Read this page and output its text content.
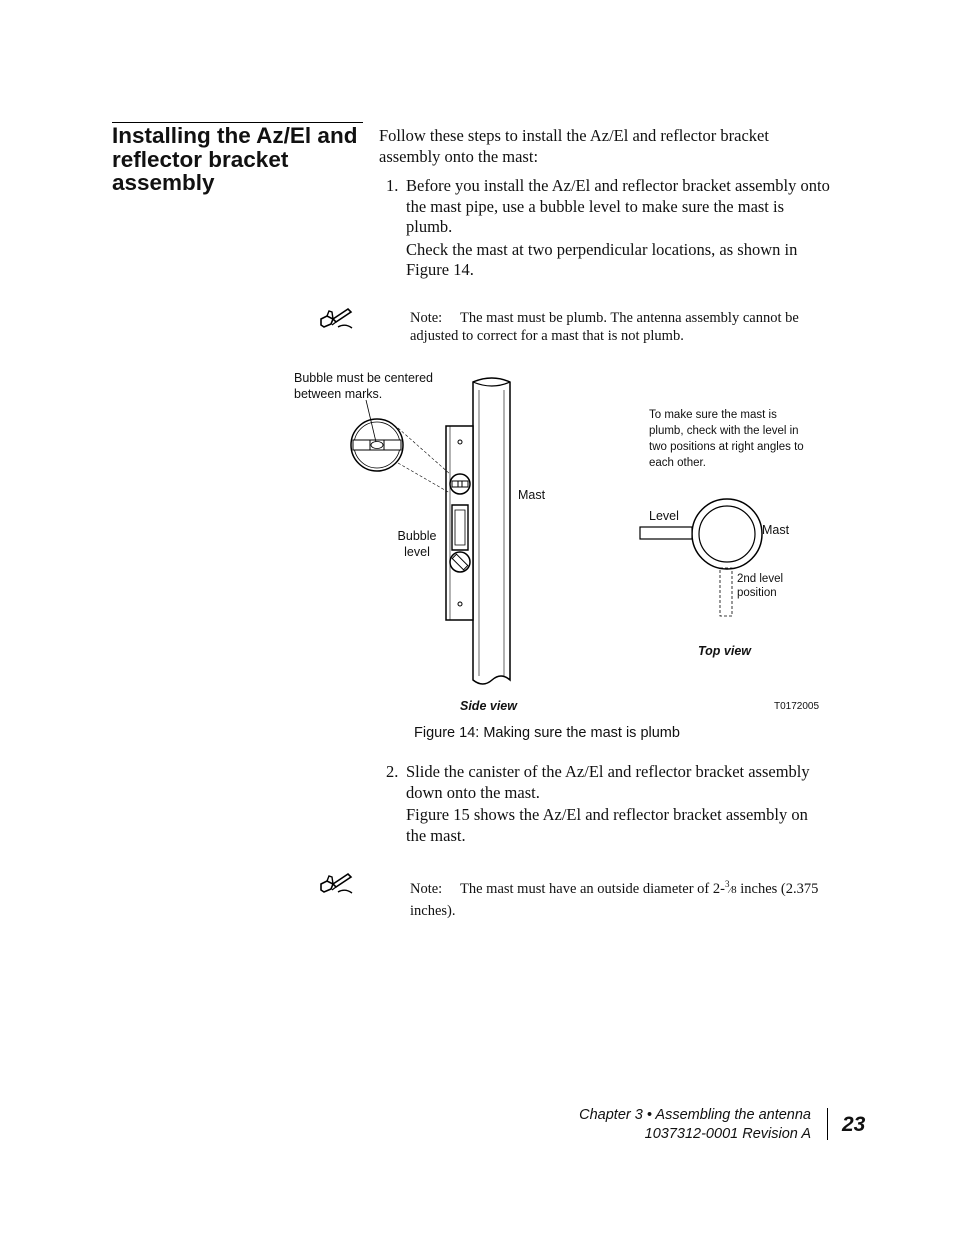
Installing the Az/El and reflector bracket assembly
Follow these steps to install the Az/El and reflector bracket assembly onto the mast:
1. Before you install the Az/El and reflector bracket assembly onto the mast pipe, use a bubble level to make sure the mast is plumb.

Check the mast at two perpendicular locations, as shown in Figure 14.

Note: The mast must be plumb. The antenna assembly cannot be adjusted to correct for a mast that is not plumb.
Bubble must be centered between marks.
Mast
Bubble level
Side view
To make sure the mast is plumb, check with the level in two positions at right angles to each other.
Level
Mast
2nd level position
Top view
T0172005
Figure 14: Making sure the mast is plumb
2. Slide the canister of the Az/El and reflector bracket assembly down onto the mast.

Figure 15 shows the Az/El and reflector bracket assembly on the mast.

Note: The mast must have an outside diameter of 2-$^3$⁄8 inches (2.375 inches).
Chapter 3 • Assembling the antenna
1037312-0001 Revision A 23
